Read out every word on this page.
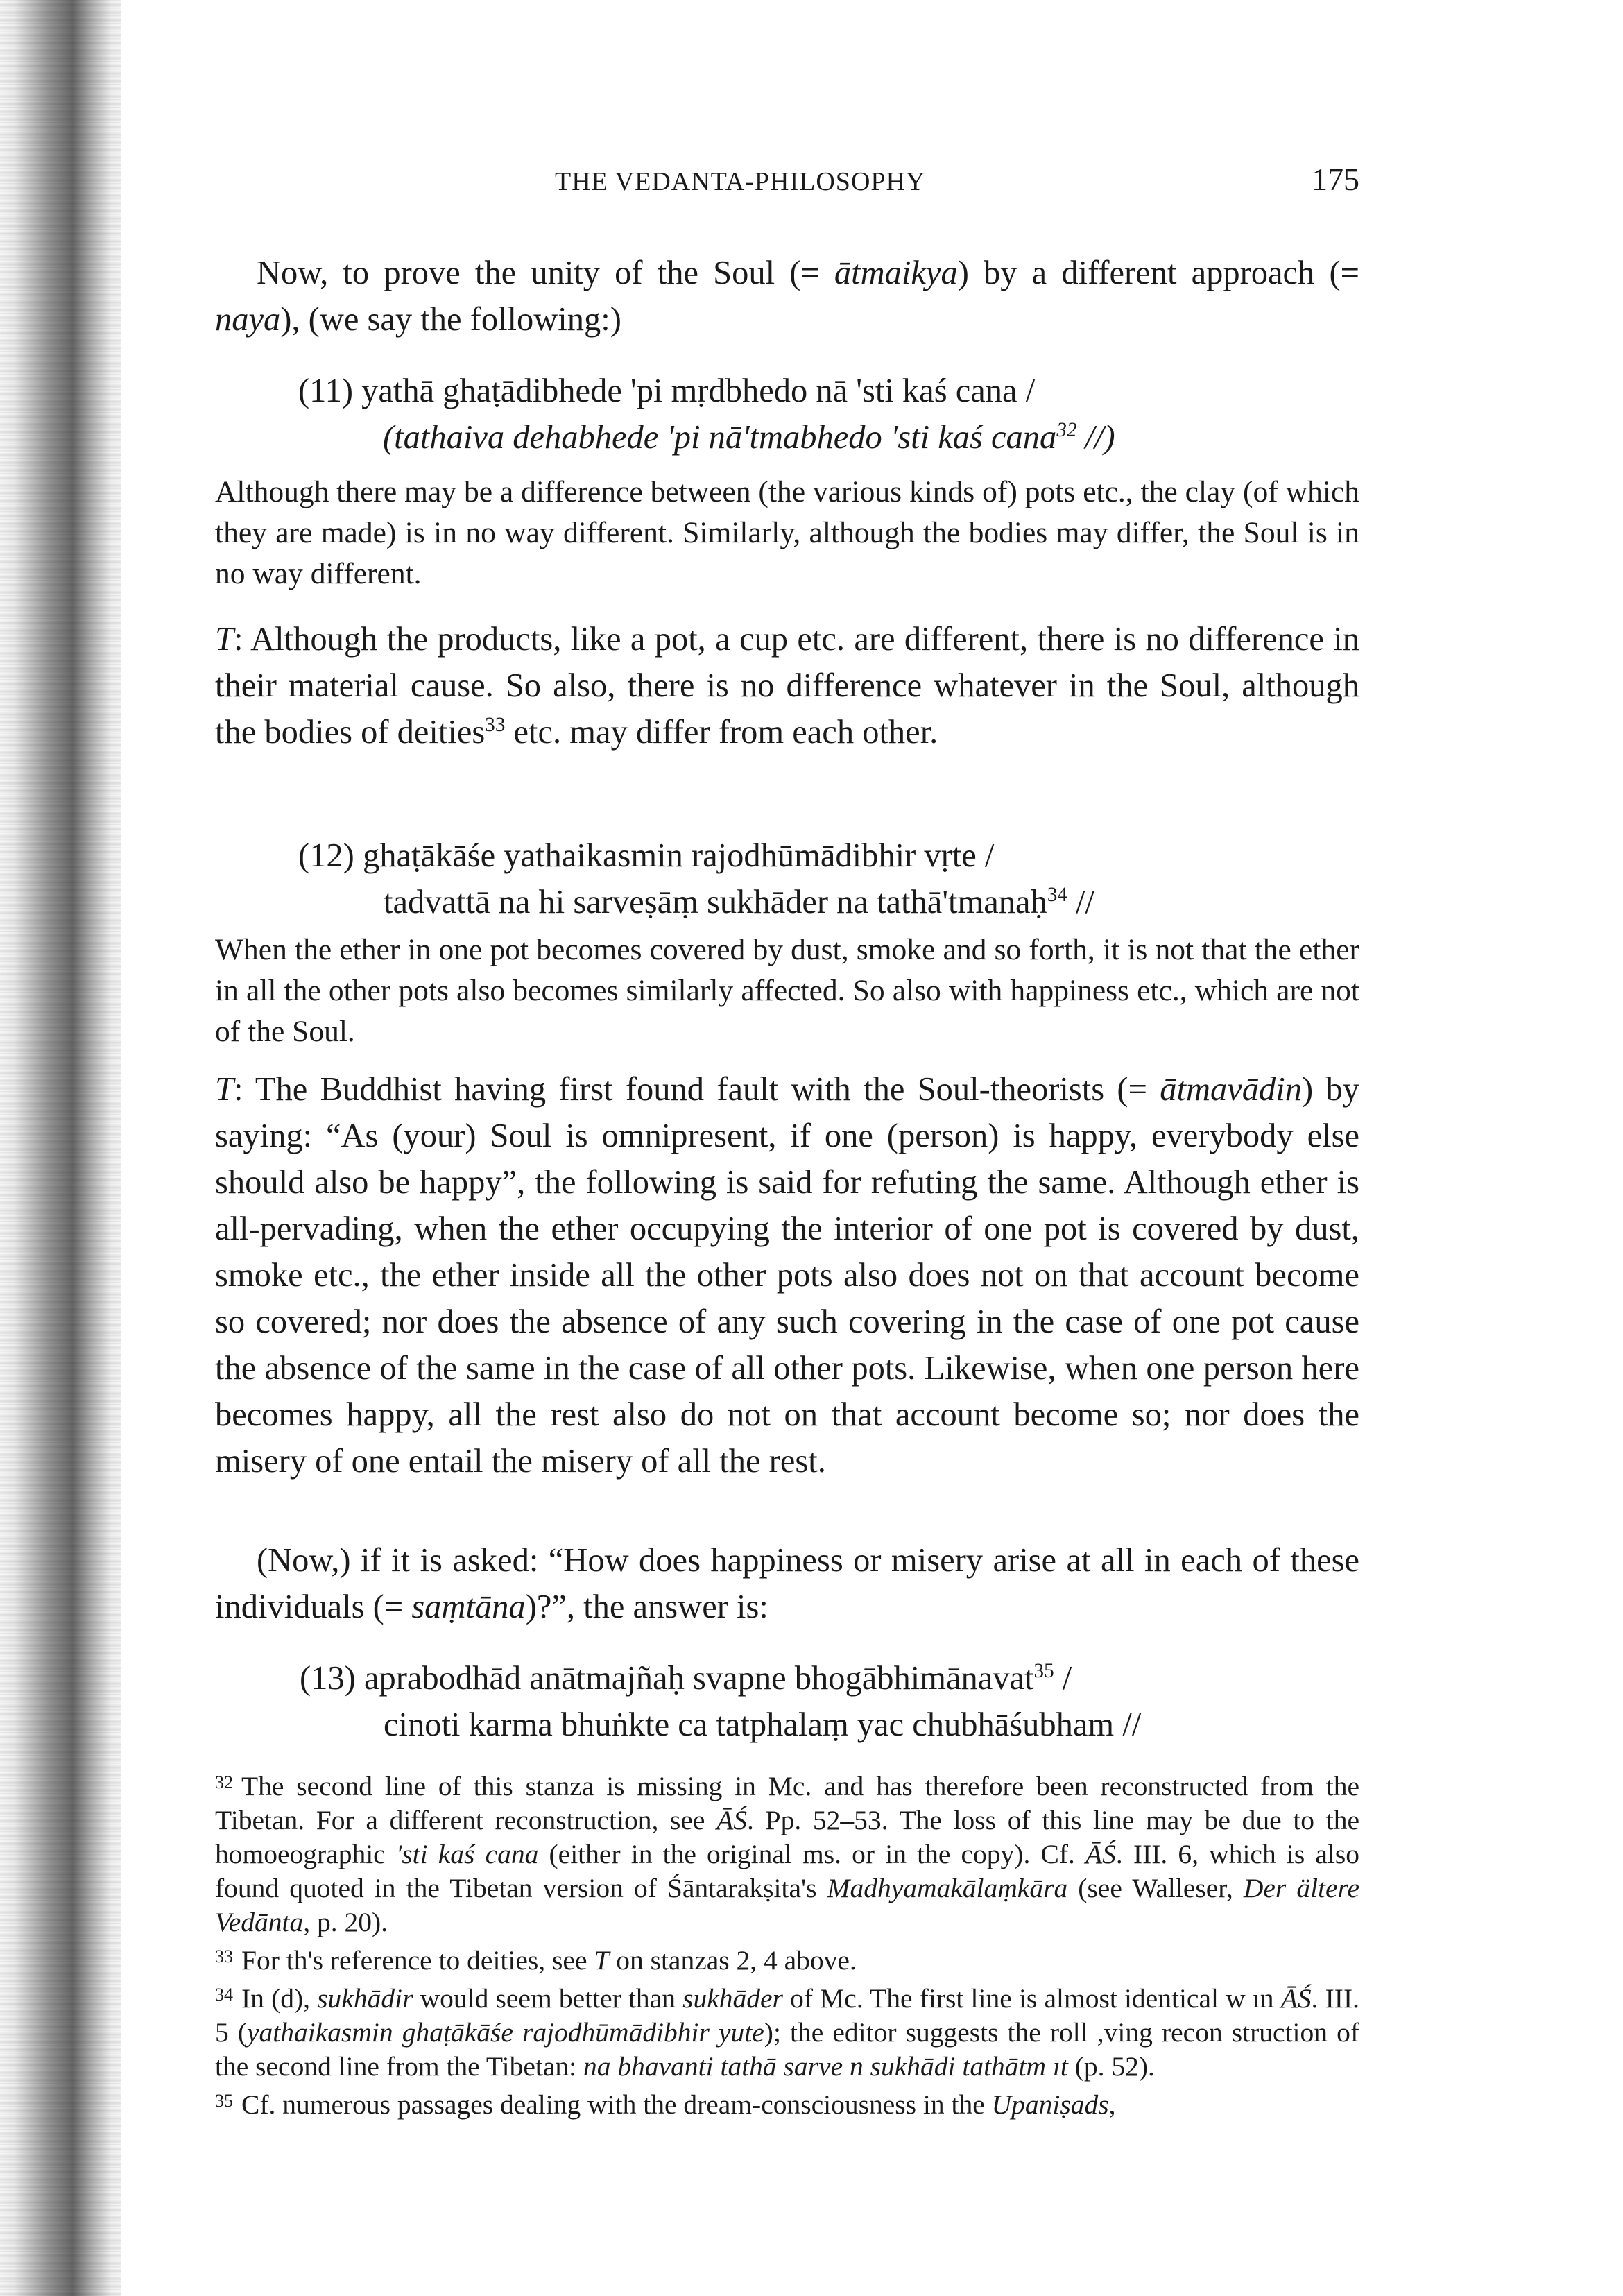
THE VEDANTA-PHILOSOPHY	175

Now, to prove the unity of the Soul (= ātmaikya) by a different approach (= naya), (we say the following:)

(11) yathā ghaṭādibhede 'pi mṛdbhedo nā 'sti kaś cana /
(tathaiva dehabhede 'pi nā'tmabhedo 'sti kaś cana$^{32}$ //)

Although there may be a difference between (the various kinds of) pots etc., the clay (of which they are made) is in no way different. Similarly, although the bodies may differ, the Soul is in no way different.

T: Although the products, like a pot, a cup etc. are different, there is no difference in their material cause. So also, there is no difference whatever in the Soul, although the bodies of deities$^{33}$ etc. may differ from each other.

(12) ghaṭākāśe yathaikasmin rajodhūmādibhir vṛte /
tadvattā na hi sarveṣāṃ sukhāder na tathā'tmanaḥ$^{34}$ //

When the ether in one pot becomes covered by dust, smoke and so forth, it is not that the ether in all the other pots also becomes similarly affected. So also with happiness etc., which are not of the Soul.

T: The Buddhist having first found fault with the Soul-theorists (= ātmavādin) by saying: “As (your) Soul is omnipresent, if one (person) is happy, everybody else should also be happy”, the following is said for refuting the same. Although ether is all-pervading, when the ether occupying the interior of one pot is covered by dust, smoke etc., the ether inside all the other pots also does not on that account become so covered; nor does the absence of any such covering in the case of one pot cause the absence of the same in the case of all other pots. Likewise, when one person here becomes happy, all the rest also do not on that account become so; nor does the misery of one entail the misery of all the rest.

(Now,) if it is asked: “How does happiness or misery arise at all in each of these individuals (= saṃtāna)?”, the answer is:

(13) aprabodhād anātmajñaḥ svapne bhogābhimānavat$^{35}$ /
cinoti karma bhuṅkte ca tatphalaṃ yac chubhāśubham //

32 The second line of this stanza is missing in Mc. and has therefore been reconstructed from the Tibetan. For a different reconstruction, see ĀŚ. Pp. 52–53. The loss of this line may be due to the homoeographic 'sti kaś cana (either in the original ms. or in the copy). Cf. ĀŚ. III. 6, which is also found quoted in the Tibetan version of Śāntarakṣita's Madhyamakālaṃkāra (see Walleser, Der ältere Vedānta, p. 20).

33 For th's reference to deities, see T on stanzas 2, 4 above.

34 In (d), sukhādir would seem better than sukhāder of Mc. The first line is almost identical w ın ĀŚ. III. 5 (yathaikasmin ghaṭākāśe rajodhūmādibhir yute); the editor suggests the roll ,ving recon struction of the second line from the Tibetan: na bhavanti tathā sarve n sukhādi tathātm ıt (p. 52).

35 Cf. numerous passages dealing with the dream-consciousness in the Upaniṣads,
